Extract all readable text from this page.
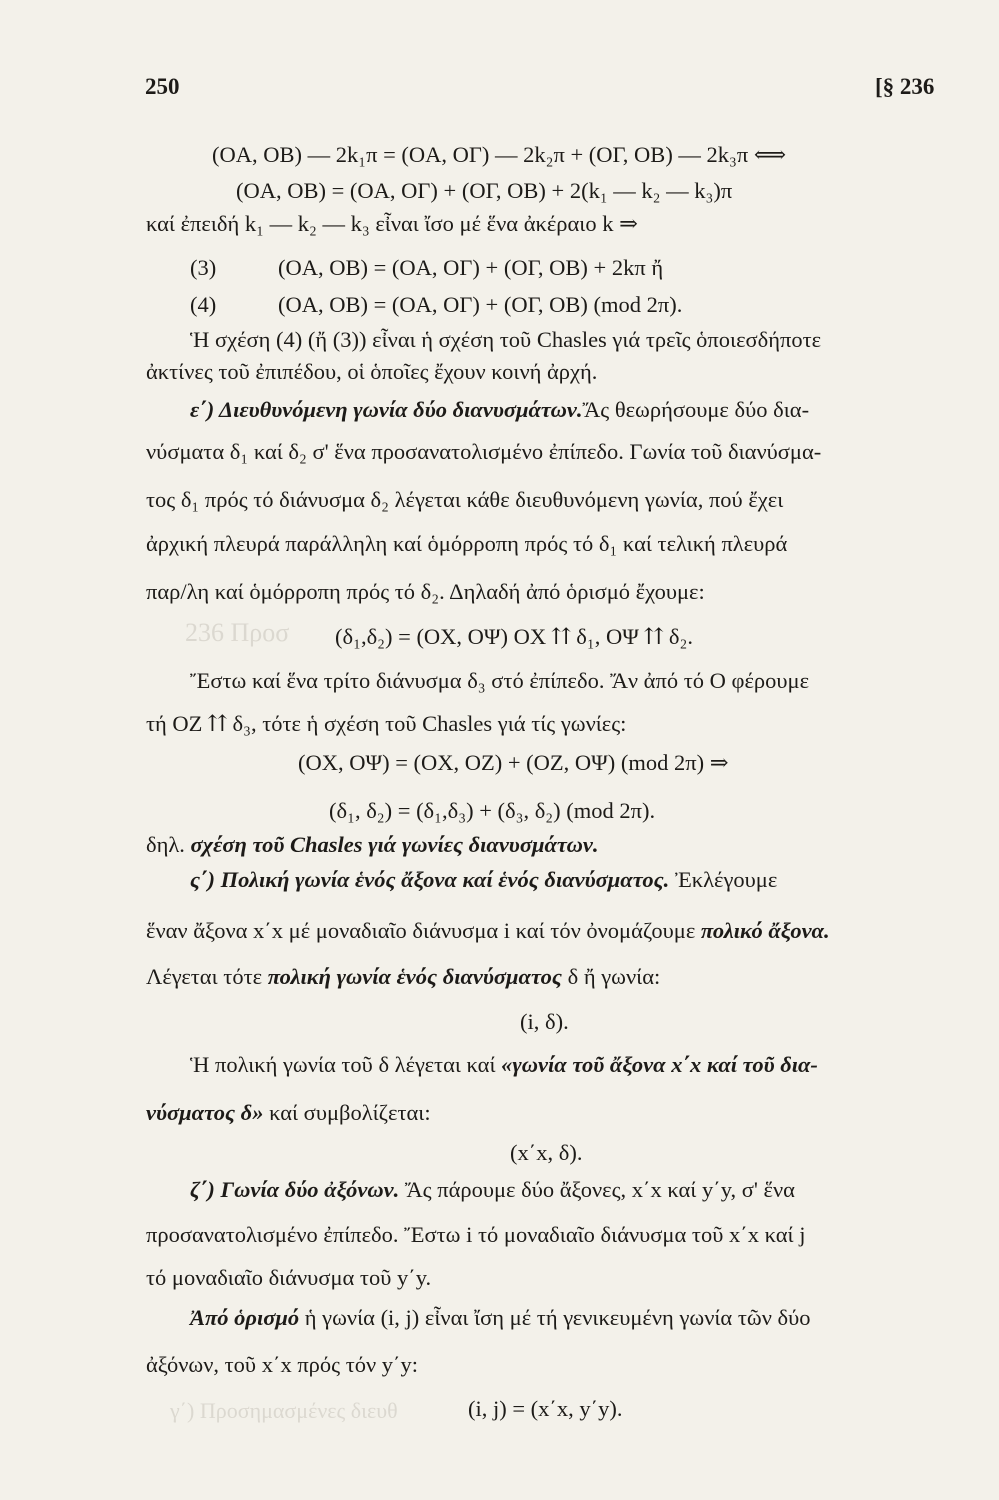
250	[§ 236
236 Προσ
γ΄) Προσημασμένες διευθ
(OA, OB) — 2k₁π = (OA, OΓ) — 2k₂π + (OΓ, OB) — 2k₃π ⟺
(OA, OB) = (OA, OΓ) + (OΓ, OB) + 2(k₁ — k₂ — k₃)π
καί ἐπειδή k₁ — k₂ — k₃ εἶναι ἴσο μέ ἕνα ἀκέραιο k ⇒
(3)	(OA, OB) = (OA, OΓ) + (OΓ, OB) + 2kπ ἤ
(4)	(OA, OB) = (OA, OΓ) + (OΓ, OB) (mod 2π).
Ἡ σχέση (4) (ἤ (3)) εἶναι ἡ σχέση τοῦ Chasles γιά τρεῖς ὁποιεσδήποτε
ἀκτίνες τοῦ ἐπιπέδου, οἱ ὁποῖες ἔχουν κοινή ἀρχή.
ε΄) Διευθυνόμενη γωνία δύο διανυσμάτων.Ἄς θεωρήσουμε δύο δια-
νύσματα δ₁ καί δ₂ σ' ἕνα προσανατολισμένο ἐπίπεδο. Γωνία τοῦ διανύσμα-
τος δ₁ πρός τό διάνυσμα δ₂ λέγεται κάθε διευθυνόμενη γωνία, πού ἔχει
ἀρχική πλευρά παράλληλη καί ὁμόρροπη πρός τό δ₁ καί τελική πλευρά
παρ/λη καί ὁμόρροπη πρός τό δ₂. Δηλαδή ἀπό ὁρισμό ἔχουμε:
(δ₁,δ₂) = (OX, OΨ) OX ⇈ δ₁, OΨ ⇈ δ₂.
Ἔστω καί ἕνα τρίτο διάνυσμα δ₃ στό ἐπίπεδο. Ἄν ἀπό τό O φέρουμε
τή OZ ⇈ δ₃, τότε ἡ σχέση τοῦ Chasles γιά τίς γωνίες:
(OX, OΨ) = (OX, OZ) + (OZ, OΨ) (mod 2π) ⇒
(δ₁, δ₂) = (δ₁,δ₃) + (δ₃, δ₂) (mod 2π).
δηλ. σχέση τοῦ Chasles γιά γωνίες διανυσμάτων.
ς΄) Πολική γωνία ἑνός ἄξονα καί ἑνός διανύσματος. Ἐκλέγουμε
ἕναν ἄξονα x΄x μέ μοναδιαῖο διάνυσμα i καί τόν ὀνομάζουμε πολικό ἄξονα.
Λέγεται τότε πολική γωνία ἑνός διανύσματος δ ἤ γωνία:
(i, δ).
Ἡ πολική γωνία τοῦ δ λέγεται καί «γωνία τοῦ ἄξονα x΄x καί τοῦ δια-
νύσματος δ» καί συμβολίζεται:
(x΄x, δ).
ζ΄) Γωνία δύο ἀξόνων. Ἄς πάρουμε δύο ἄξονες, x΄x καί y΄y, σ' ἕνα
προσανατολισμένο ἐπίπεδο. Ἔστω i τό μοναδιαῖο διάνυσμα τοῦ x΄x καί j
τό μοναδιαῖο διάνυσμα τοῦ y΄y.
Ἀπό ὁρισμό ἡ γωνία (i, j) εἶναι ἴση μέ τή γενικευμένη γωνία τῶν δύο
ἀξόνων, τοῦ x΄x πρός τόν y΄y:
(i, j) = (x΄x, y΄y).
